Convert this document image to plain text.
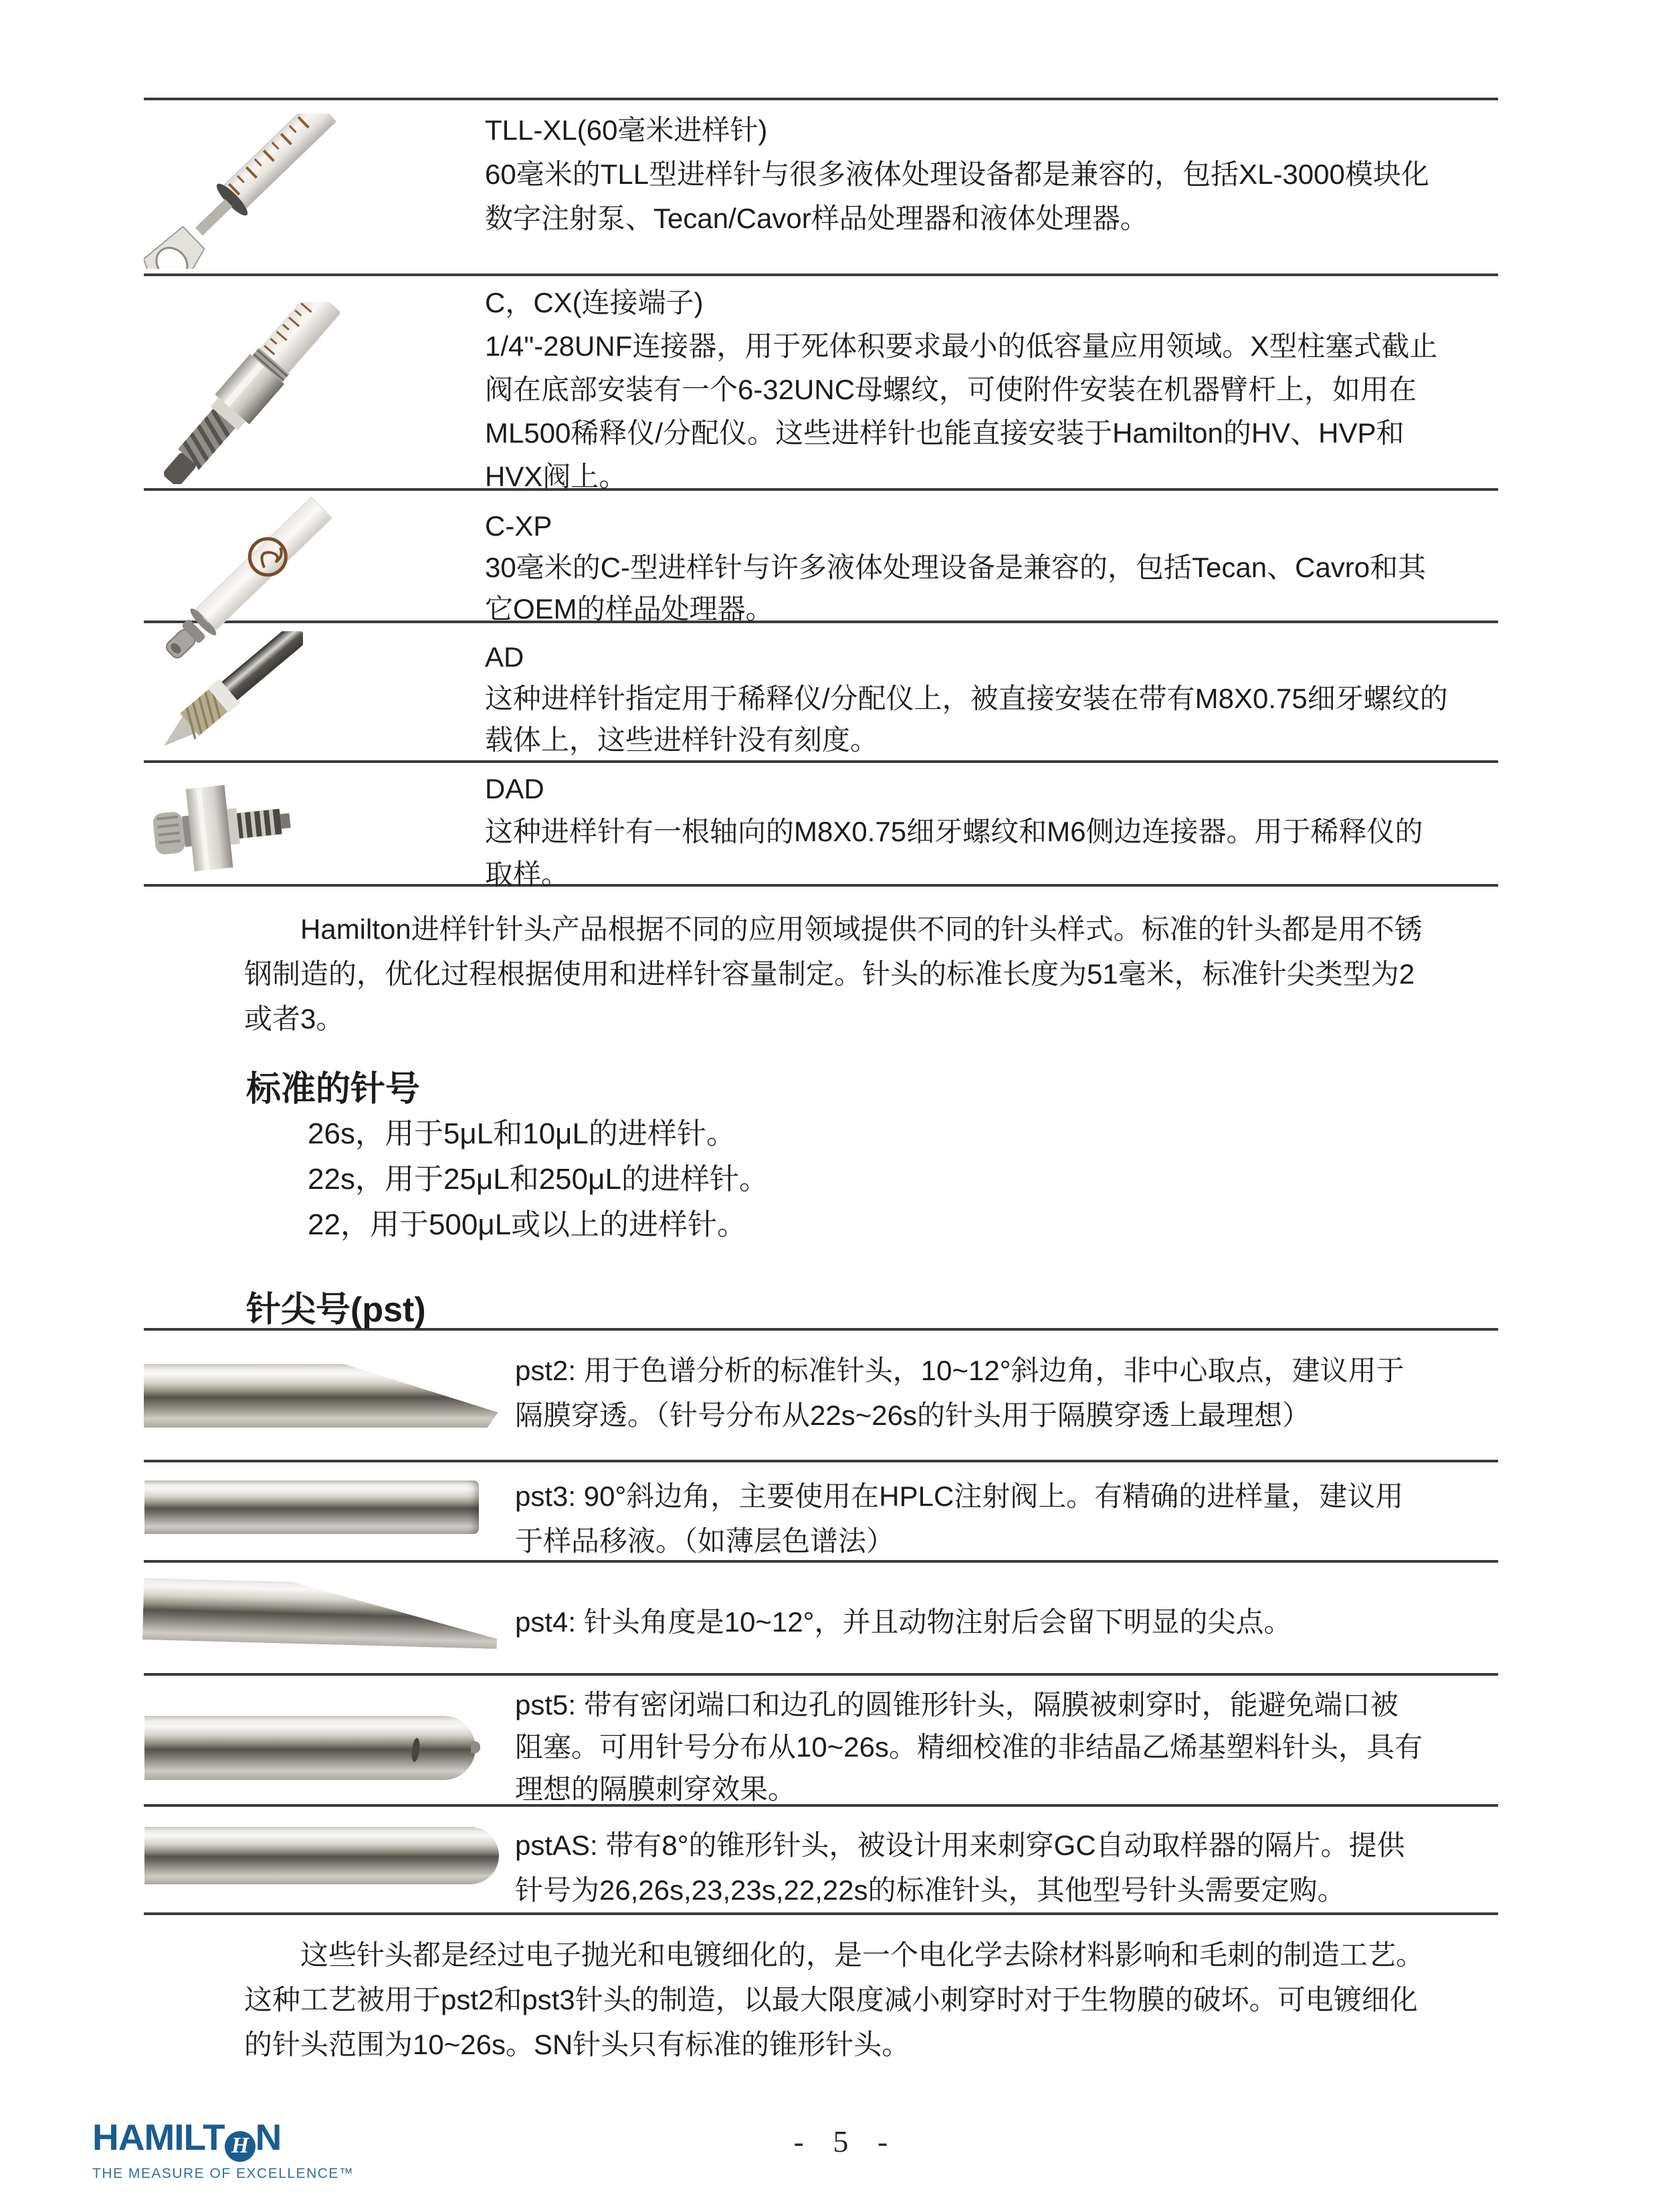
TLL-XL(60毫米进样针)
60毫米的TLL型进样针与很多液体处理设备都是兼容的，包括XL-3000模块化
数字注射泵、Tecan/Cavor样品处理器和液体处理器。
C，CX(连接端子)
1/4"-28UNF连接器，用于死体积要求最小的低容量应用领域。X型柱塞式截止
阀在底部安装有一个6-32UNC母螺纹，可使附件安装在机器臂杆上，如用在
ML500稀释仪/分配仪。这些进样针也能直接安装于Hamilton的HV、HVP和
HVX阀上。
C-XP
30毫米的C-型进样针与许多液体处理设备是兼容的，包括Tecan、Cavro和其
它OEM的样品处理器。
AD
这种进样针指定用于稀释仪/分配仪上，被直接安装在带有M8X0.75细牙螺纹的
载体上，这些进样针没有刻度。
DAD
这种进样针有一根轴向的M8X0.75细牙螺纹和M6侧边连接器。用于稀释仪的
取样。
Hamilton进样针针头产品根据不同的应用领域提供不同的针头样式。标准的针头都是用不锈
钢制造的，优化过程根据使用和进样针容量制定。针头的标准长度为51毫米，标准针尖类型为2
或者3。
标准的针号
26s，用于5μL和10μL的进样针。
22s，用于25μL和250μL的进样针。
22，用于500μL或以上的进样针。
针尖号(pst)
pst2: 用于色谱分析的标准针头，10~12°斜边角，非中心取点，建议用于
隔膜穿透。（针号分布从22s~26s的针头用于隔膜穿透上最理想）
pst3: 90°斜边角，主要使用在HPLC注射阀上。有精确的进样量，建议用
于样品移液。（如薄层色谱法）
pst4: 针头角度是10~12°，并且动物注射后会留下明显的尖点。
pst5: 带有密闭端口和边孔的圆锥形针头，隔膜被刺穿时，能避免端口被
阻塞。可用针号分布从10~26s。精细校准的非结晶乙烯基塑料针头，具有
理想的隔膜刺穿效果。
pstAS: 带有8°的锥形针头，被设计用来刺穿GC自动取样器的隔片。提供
针号为26,26s,23,23s,22,22s的标准针头，其他型号针头需要定购。
这些针头都是经过电子抛光和电镀细化的，是一个电化学去除材料影响和毛刺的制造工艺。
这种工艺被用于pst2和pst3针头的制造，以最大限度减小刺穿时对于生物膜的破坏。可电镀细化
的针头范围为10~26s。SN针头只有标准的锥形针头。
HAMILT H N
THE MEASURE OF EXCELLENCE™
- 5 -
